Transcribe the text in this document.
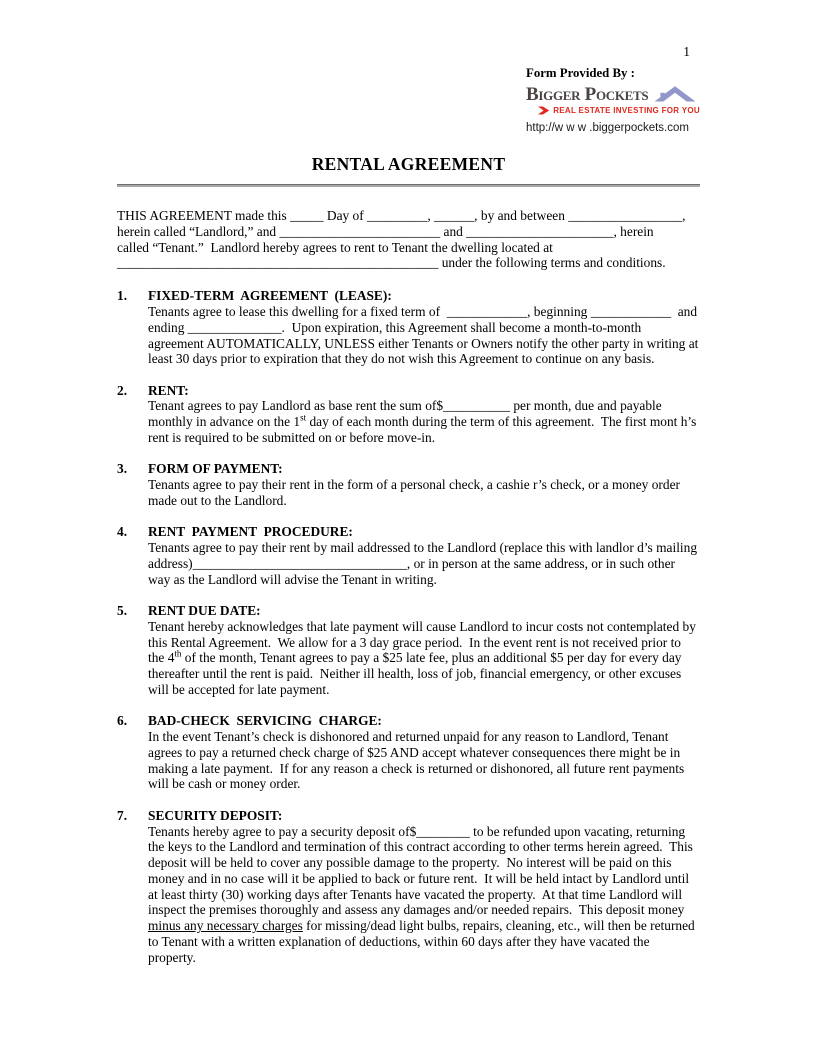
1
Form Provided By :
Bigger Pockets
REAL ESTATE INVESTING FOR YOU
http://w w w .biggerpockets.com
RENTAL AGREEMENT
THIS AGREEMENT made this _____ Day of _________, ______, by and between _________________,
herein called “Landlord,” and ________________________ and ______________________, herein
called “Tenant.”  Landlord hereby agrees to rent to Tenant the dwelling located at
________________________________________________ under the following terms and conditions.
1.	FIXED-TERM  AGREEMENT  (LEASE):
Tenants agree to lease this dwelling for a fixed term of  ____________, beginning ____________  and ending ______________.  Upon expiration, this Agreement shall become a month-to-month agreement AUTOMATICALLY, UNLESS either Tenants or Owners notify the other party in writing at least 30 days prior to expiration that they do not wish this Agreement to continue on any basis.
2.	RENT:
Tenant agrees to pay Landlord as base rent the sum of$__________ per month, due and payable monthly in advance on the 1st day of each month during the term of this agreement.  The first mont h’s rent is required to be submitted on or before move-in.
3.	FORM OF PAYMENT:
Tenants agree to pay their rent in the form of a personal check, a cashie r’s check, or a money order made out to the Landlord.
4.	RENT  PAYMENT  PROCEDURE:
Tenants agree to pay their rent by mail addressed to the Landlord (replace this with landlor d’s mailing address)________________________________, or in person at the same address, or in such other way as the Landlord will advise the Tenant in writing.
5.	RENT DUE DATE:
Tenant hereby acknowledges that late payment will cause Landlord to incur costs not contemplated by this Rental Agreement.  We allow for a 3 day grace period.  In the event rent is not received prior to the 4th of the month, Tenant agrees to pay a $25 late fee, plus an additional $5 per day for every day thereafter until the rent is paid.  Neither ill health, loss of job, financial emergency, or other excuses will be accepted for late payment.
6.	BAD-CHECK  SERVICING  CHARGE:
In the event Tenant’s check is dishonored and returned unpaid for any reason to Landlord, Tenant agrees to pay a returned check charge of $25 AND accept whatever consequences there might be in making a late payment.  If for any reason a check is returned or dishonored, all future rent payments will be cash or money order.
7.	SECURITY DEPOSIT:
Tenants hereby agree to pay a security deposit of$________ to be refunded upon vacating, returning the keys to the Landlord and termination of this contract according to other terms herein agreed.  This deposit will be held to cover any possible damage to the property.  No interest will be paid on this money and in no case will it be applied to back or future rent.  It will be held intact by Landlord until at least thirty (30) working days after Tenants have vacated the property.  At that time Landlord will inspect the premises thoroughly and assess any damages and/or needed repairs.  This deposit money minus any necessary charges for missing/dead light bulbs, repairs, cleaning, etc., will then be returned to Tenant with a written explanation of deductions, within 60 days after they have vacated the property.
